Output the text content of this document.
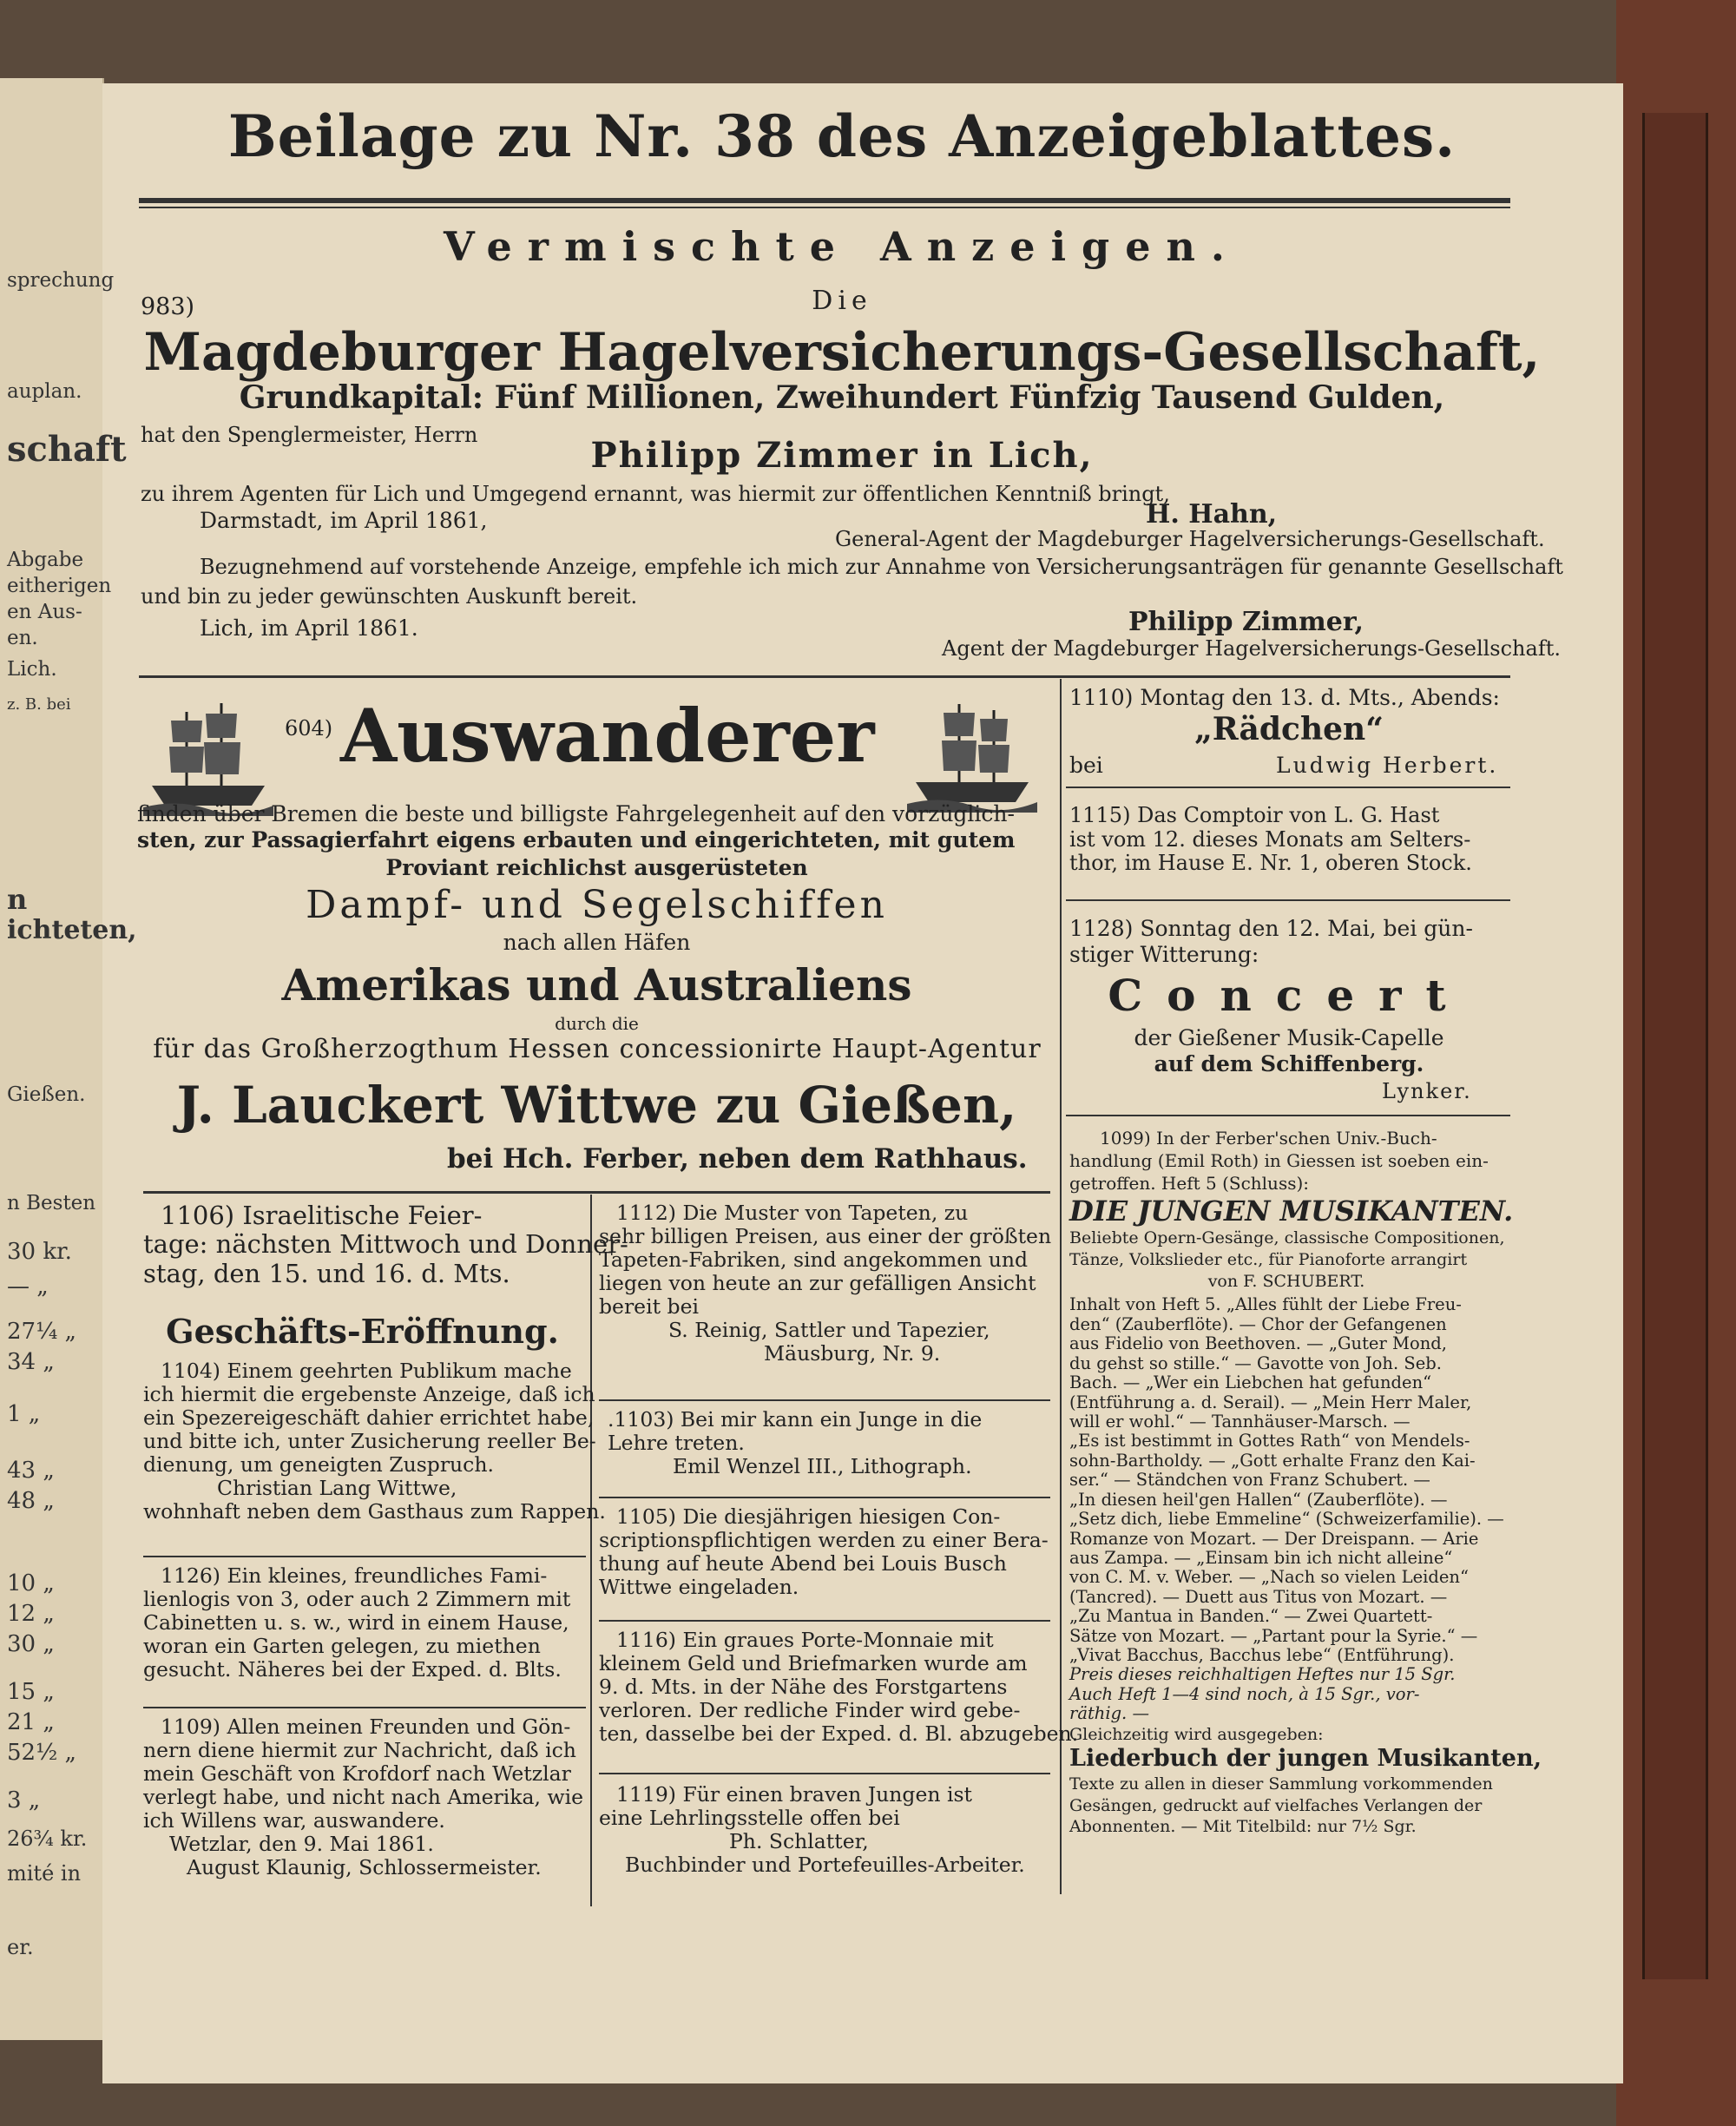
sprechung
auplan.
schaft
Abgabe
eitherigen
en Aus-
en.
Lich.
z. B. bei
n
ichteten,
Gießen.
n Besten
30 kr.
— „
27¼ „
34 „
1 „
43 „
48 „
10 „
12 „
30 „
15 „
21 „
52½ „
3 „
26¾ kr.
mité in
er.
Beilage zu Nr. 38 des Anzeigeblattes.
Vermischte Anzeigen.
983)	Die
Magdeburger Hagelversicherungs-Gesellschaft,
Grundkapital: Fünf Millionen, Zweihundert Fünfzig Tausend Gulden,
hat den Spenglermeister, Herrn	Philipp Zimmer in Lich,
zu ihrem Agenten für Lich und Umgegend ernannt, was hiermit zur öffentlichen Kenntniß bringt,
Darmstadt, im April 1861,	H. Hahn,
General-Agent der Magdeburger Hagelversicherungs-Gesellschaft.
Bezugnehmend auf vorstehende Anzeige, empfehle ich mich zur Annahme von Versicherungsanträgen für genannte Gesellschaft
und bin zu jeder gewünschten Auskunft bereit.
Lich, im April 1861.	Philipp Zimmer,
Agent der Magdeburger Hagelversicherungs-Gesellschaft.
604) Auswanderer
finden über Bremen die beste und billigste Fahrgelegenheit auf den vorzüglich-
sten, zur Passagierfahrt eigens erbauten und eingerichteten, mit gutem
Proviant reichlichst ausgerüsteten
Dampf- und Segelschiffen
nach allen Häfen
Amerikas und Australiens
durch die
für das Großherzogthum Hessen concessionirte Haupt-Agentur
J. Lauckert Wittwe zu Gießen,
bei Hch. Ferber, neben dem Rathhaus.
1110) Montag den 13. d. Mts., Abends:
„Rädchen“
bei	Ludwig Herbert.
1115) Das Comptoir von L. G. Hast
ist vom 12. dieses Monats am Selters-
thor, im Hause E. Nr. 1, oberen Stock.
1128) Sonntag den 12. Mai, bei gün-
stiger Witterung:
Concert
der Gießener Musik-Capelle
auf dem Schiffenberg.
Lynker.
1099) In der Ferber'schen Univ.-Buch-
handlung (Emil Roth) in Giessen ist soeben ein-
getroffen. Heft 5 (Schluss):
DIE JUNGEN MUSIKANTEN.
Beliebte Opern-Gesänge, classische Compositionen,
Tänze, Volkslieder etc., für Pianoforte arrangirt
von F. SCHUBERT.
Inhalt von Heft 5. „Alles fühlt der Liebe Freu-
den“ (Zauberflöte). — Chor der Gefangenen
aus Fidelio von Beethoven. — „Guter Mond,
du gehst so stille.“ — Gavotte von Joh. Seb.
Bach. — „Wer ein Liebchen hat gefunden“
(Entführung a. d. Serail). — „Mein Herr Maler,
will er wohl.“ — Tannhäuser-Marsch. —
„Es ist bestimmt in Gottes Rath“ von Mendels-
sohn-Bartholdy. — „Gott erhalte Franz den Kai-
ser.“ — Ständchen von Franz Schubert. —
„In diesen heil'gen Hallen“ (Zauberflöte). —
„Setz dich, liebe Emmeline“ (Schweizerfamilie). —
Romanze von Mozart. — Der Dreispann. — Arie
aus Zampa. — „Einsam bin ich nicht alleine“
von C. M. v. Weber. — „Nach so vielen Leiden“
(Tancred). — Duett aus Titus von Mozart. —
„Zu Mantua in Banden.“ — Zwei Quartett-
Sätze von Mozart. — „Partant pour la Syrie.“ —
„Vivat Bacchus, Bacchus lebe“ (Entführung).
Preis dieses reichhaltigen Heftes nur 15 Sgr.
Auch Heft 1—4 sind noch, à 15 Sgr., vor-
räthig. —
Gleichzeitig wird ausgegeben:
Liederbuch der jungen Musikanten,
Texte zu allen in dieser Sammlung vorkommenden
Gesängen, gedruckt auf vielfaches Verlangen der
Abonnenten. — Mit Titelbild: nur 7½ Sgr.
1106) Israelitische Feier-
tage: nächsten Mittwoch und Donner-
stag, den 15. und 16. d. Mts.
Geschäfts-Eröffnung.
1104) Einem geehrten Publikum mache
ich hiermit die ergebenste Anzeige, daß ich
ein Spezereigeschäft dahier errichtet habe,
und bitte ich, unter Zusicherung reeller Be-
dienung, um geneigten Zuspruch.
Christian Lang Wittwe,
wohnhaft neben dem Gasthaus zum Rappen.
1126) Ein kleines, freundliches Fami-
lienlogis von 3, oder auch 2 Zimmern mit
Cabinetten u. s. w., wird in einem Hause,
woran ein Garten gelegen, zu miethen
gesucht. Näheres bei der Exped. d. Blts.
1109) Allen meinen Freunden und Gön-
nern diene hiermit zur Nachricht, daß ich
mein Geschäft von Krofdorf nach Wetzlar
verlegt habe, und nicht nach Amerika, wie
ich Willens war, auswandere.
Wetzlar, den 9. Mai 1861.
August Klaunig, Schlossermeister.
1112) Die Muster von Tapeten, zu
sehr billigen Preisen, aus einer der größten
Tapeten-Fabriken, sind angekommen und
liegen von heute an zur gefälligen Ansicht
bereit bei
S. Reinig, Sattler und Tapezier,
Mäusburg, Nr. 9.
.1103) Bei mir kann ein Junge in die
Lehre treten.
Emil Wenzel III., Lithograph.
1105) Die diesjährigen hiesigen Con-
scriptionspflichtigen werden zu einer Bera-
thung auf heute Abend bei Louis Busch
Wittwe eingeladen.
1116) Ein graues Porte-Monnaie mit
kleinem Geld und Briefmarken wurde am
9. d. Mts. in der Nähe des Forstgartens
verloren. Der redliche Finder wird gebe-
ten, dasselbe bei der Exped. d. Bl. abzugeben.
1119) Für einen braven Jungen ist
eine Lehrlingsstelle offen bei
Ph. Schlatter,
Buchbinder und Portefeuilles-Arbeiter.
